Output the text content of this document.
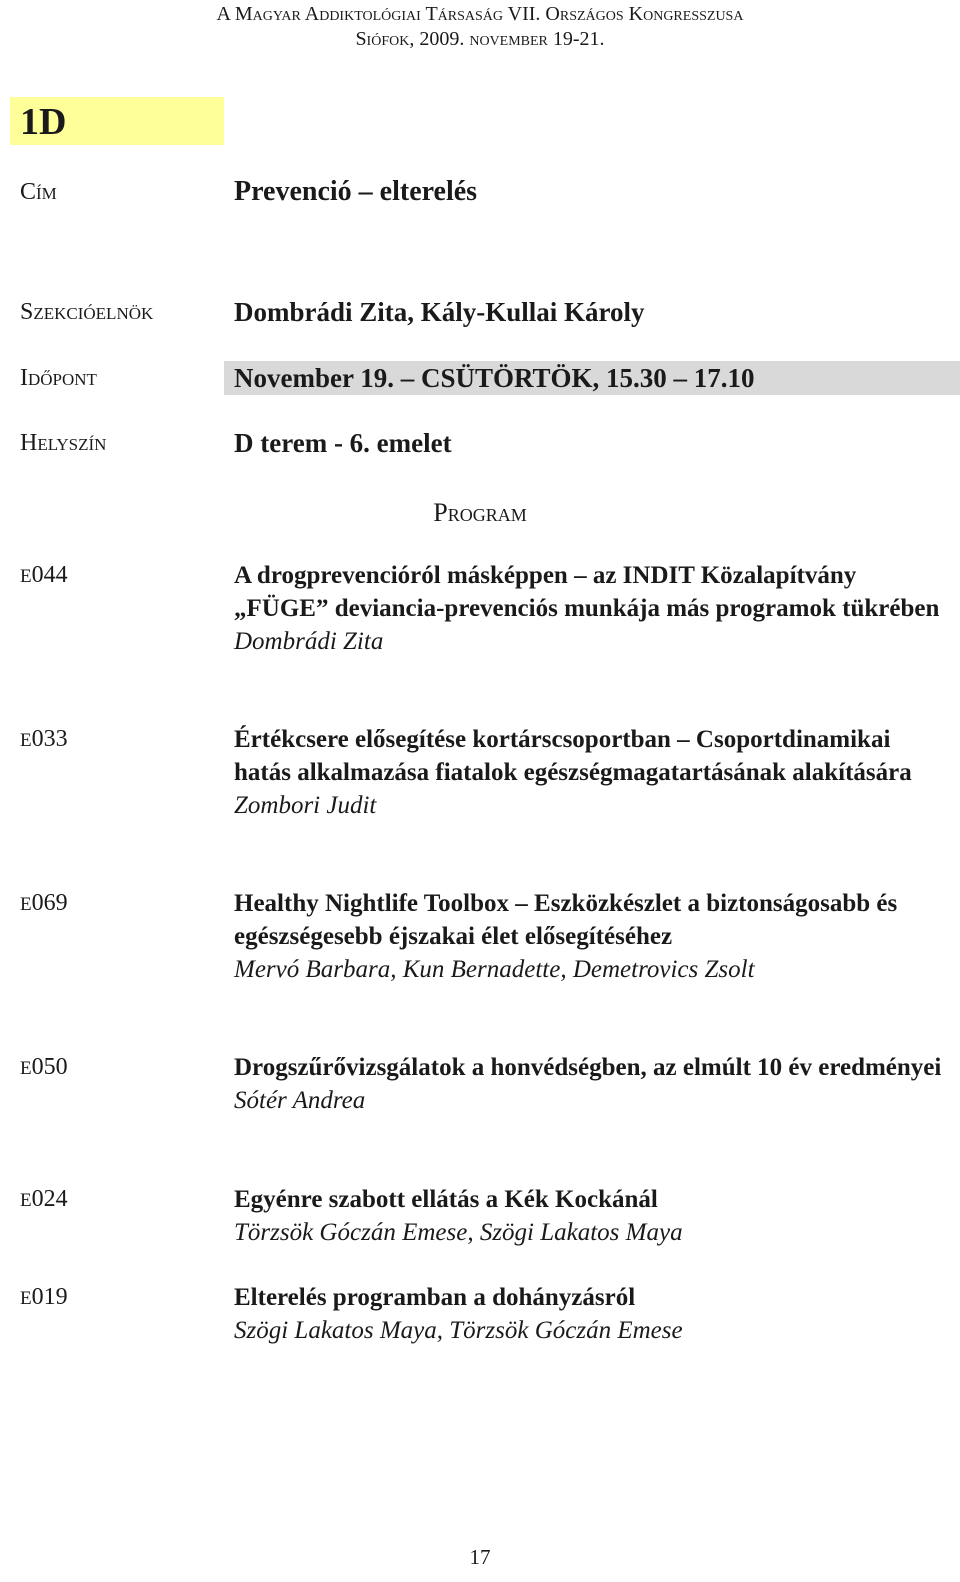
A Magyar Addiktológiai Társaság VII. Országos Kongresszusa
Siófok, 2009. november 19-21.
1D
Cím	Prevenció – elterelés
Szekcióelnök	Dombrádi Zita, Kály-Kullai Károly
Időpont	November 19. – CSÜTÖRTÖK, 15.30 – 17.10
Helyszín	D terem - 6. emelet
Program
E044	A drogprevencióról másképpen – az INDIT Közalapítvány „FÜGE” deviancia-prevenciós munkája más programok tükrében
Dombrádi Zita
E033	Értékcsere elősegítése kortárscsoportban – Csoportdinamikai hatás alkalmazása fiatalok egészségmagatartásának alakítására
Zombori Judit
E069	Healthy Nightlife Toolbox – Eszközkészlet a biztonságosabb és egészségesebb éjszakai élet elősegítéséhez
Mervó Barbara, Kun Bernadette, Demetrovics Zsolt
E050	Drogszűrővizsgálatok a honvédségben, az elmúlt 10 év eredményei
Sótér Andrea
E024	Egyénre szabott ellátás a Kék Kockánál
Törzsök Góczán Emese, Szögi Lakatos Maya
E019	Elterelés programban a dohányzásról
Szögi Lakatos Maya, Törzsök Góczán Emese
17
